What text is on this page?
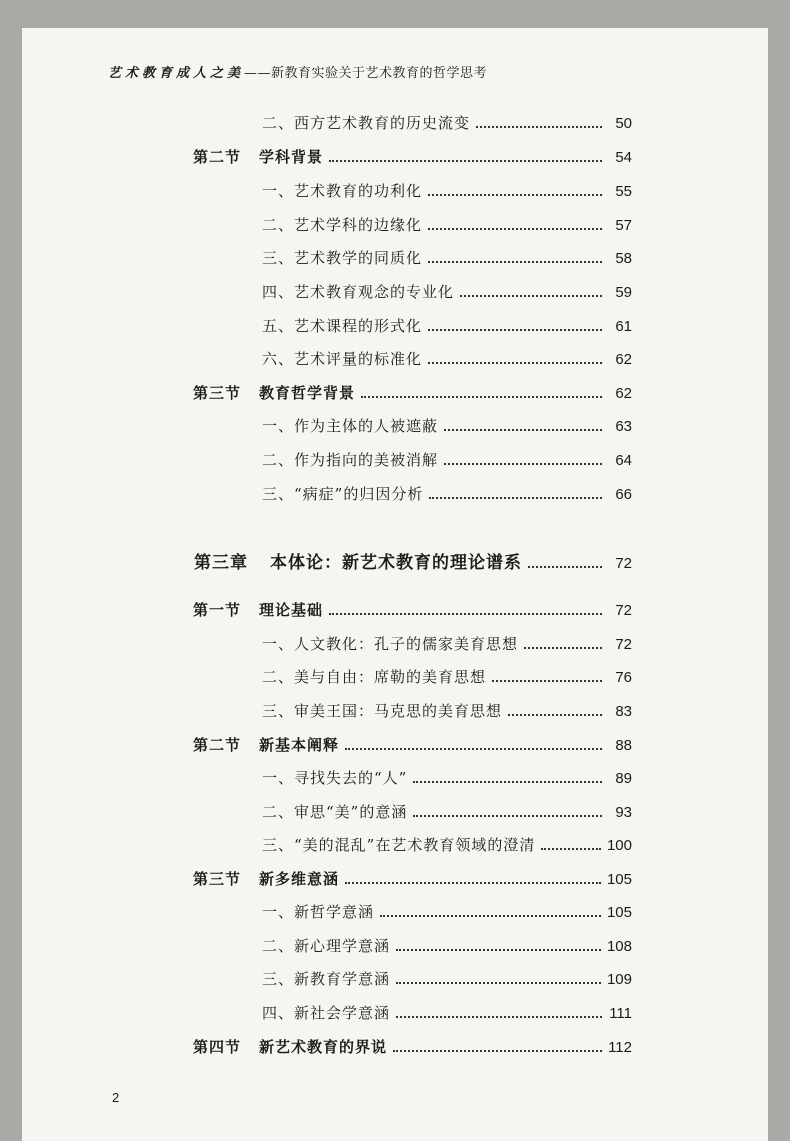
艺术教育成人之美——新教育实验关于艺术教育的哲学思考
二、西方艺术教育的历史流变	50
第二节 学科背景	54
一、艺术教育的功利化	55
二、艺术学科的边缘化	57
三、艺术教学的同质化	58
四、艺术教育观念的专业化	59
五、艺术课程的形式化	61
六、艺术评量的标准化	62
第三节 教育哲学背景	62
一、作为主体的人被遮蔽	63
二、作为指向的美被消解	64
三、“病症”的归因分析	66
第三章 本体论：新艺术教育的理论谱系	72
第一节 理论基础	72
一、人文教化：孔子的儒家美育思想	72
二、美与自由：席勒的美育思想	76
三、审美王国：马克思的美育思想	83
第二节 新基本阐释	88
一、寻找失去的“人”	89
二、审思“美”的意涵	93
三、“美的混乱”在艺术教育领域的澄清	100
第三节 新多维意涵	105
一、新哲学意涵	105
二、新心理学意涵	108
三、新教育学意涵	109
四、新社会学意涵	111
第四节 新艺术教育的界说	112
2
